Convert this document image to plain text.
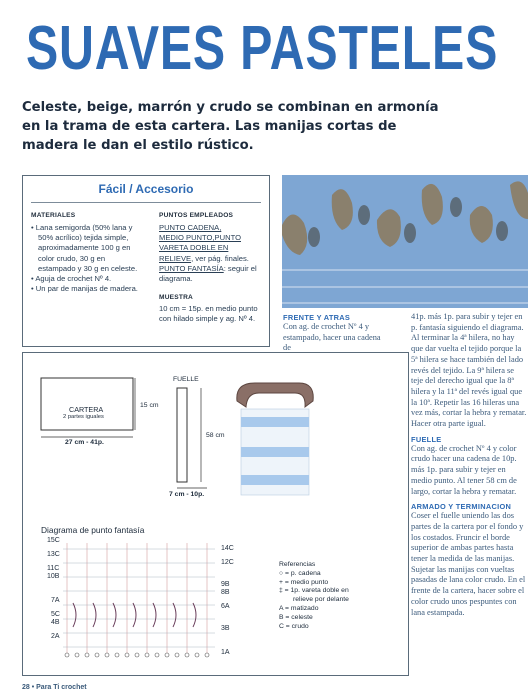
SUAVES PASTELES
Celeste, beige, marrón y crudo se combinan en armonía en la trama de esta cartera. Las manijas cortas de madera le dan el estilo rústico.
Fácil / Accesorio
MATERIALES
• Lana semigorda (50% lana y 50% acrílico) tejida simple, aproximadamente 100 g en color crudo, 30 g en estampado y 30 g en celeste.
• Aguja de crochet Nº 4.
• Un par de manijas de madera.
PUNTOS EMPLEADOS
PUNTO CADENA,
MEDIO PUNTO,PUNTO
VARETA DOBLE EN
RELIEVE, ver pág. finales.
PUNTO FANTASÍA: seguir el diagrama.
MUESTRA
10 cm = 15p. en medio punto con hilado simple y ag. Nº 4.	FRENTE Y ATRAS
Con ag. de crochet Nº 4 y estampado, hacer una cadena de
41p. más 1p. para subir y tejer en p. fantasía siguiendo el diagrama. Al terminar la 4ª hilera, no hay que dar vuelta el tejido porque la 5ª hilera se hace también del lado revés del tejido. La 9ª hilera se teje del derecho igual que la 8ª hilera y la 11ª del revés igual que la 10ª. Repetir las 16 hileras una vez más, cortar la hebra y rematar. Hacer otra parte igual.
FUELLE
Con ag. de crochet Nº 4 y color crudo hacer una cadena de 10p. más 1p. para subir y tejer en medio punto. Al tener 58 cm de largo, cortar la hebra y rematar.
ARMADO Y TERMINACION
Coser el fuelle uniendo las dos partes de la cartera por el fondo y los costados. Fruncir el borde superior de ambas partes hasta tener la medida de las manijas. Sujetar las manijas con vueltas pasadas de lana color crudo. En el frente de la cartera, hacer sobre el color crudo unos pespuntes con lana estampada.
CARTERA
2 partes iguales
15 cm
27 cm - 41p.
FUELLE
58 cm
7 cm - 10p.
Diagrama de punto fantasía
15C
13C
11C
10B
7A
5C
4B
2A
14C
12C
9B
8B
6A
3B
1A
Referencias
○ = p. cadena
+ = medio punto
‡ = 1p. vareta doble en
relieve por delante
A = matizado
B = celeste
C = crudo
28 • Para Ti crochet
